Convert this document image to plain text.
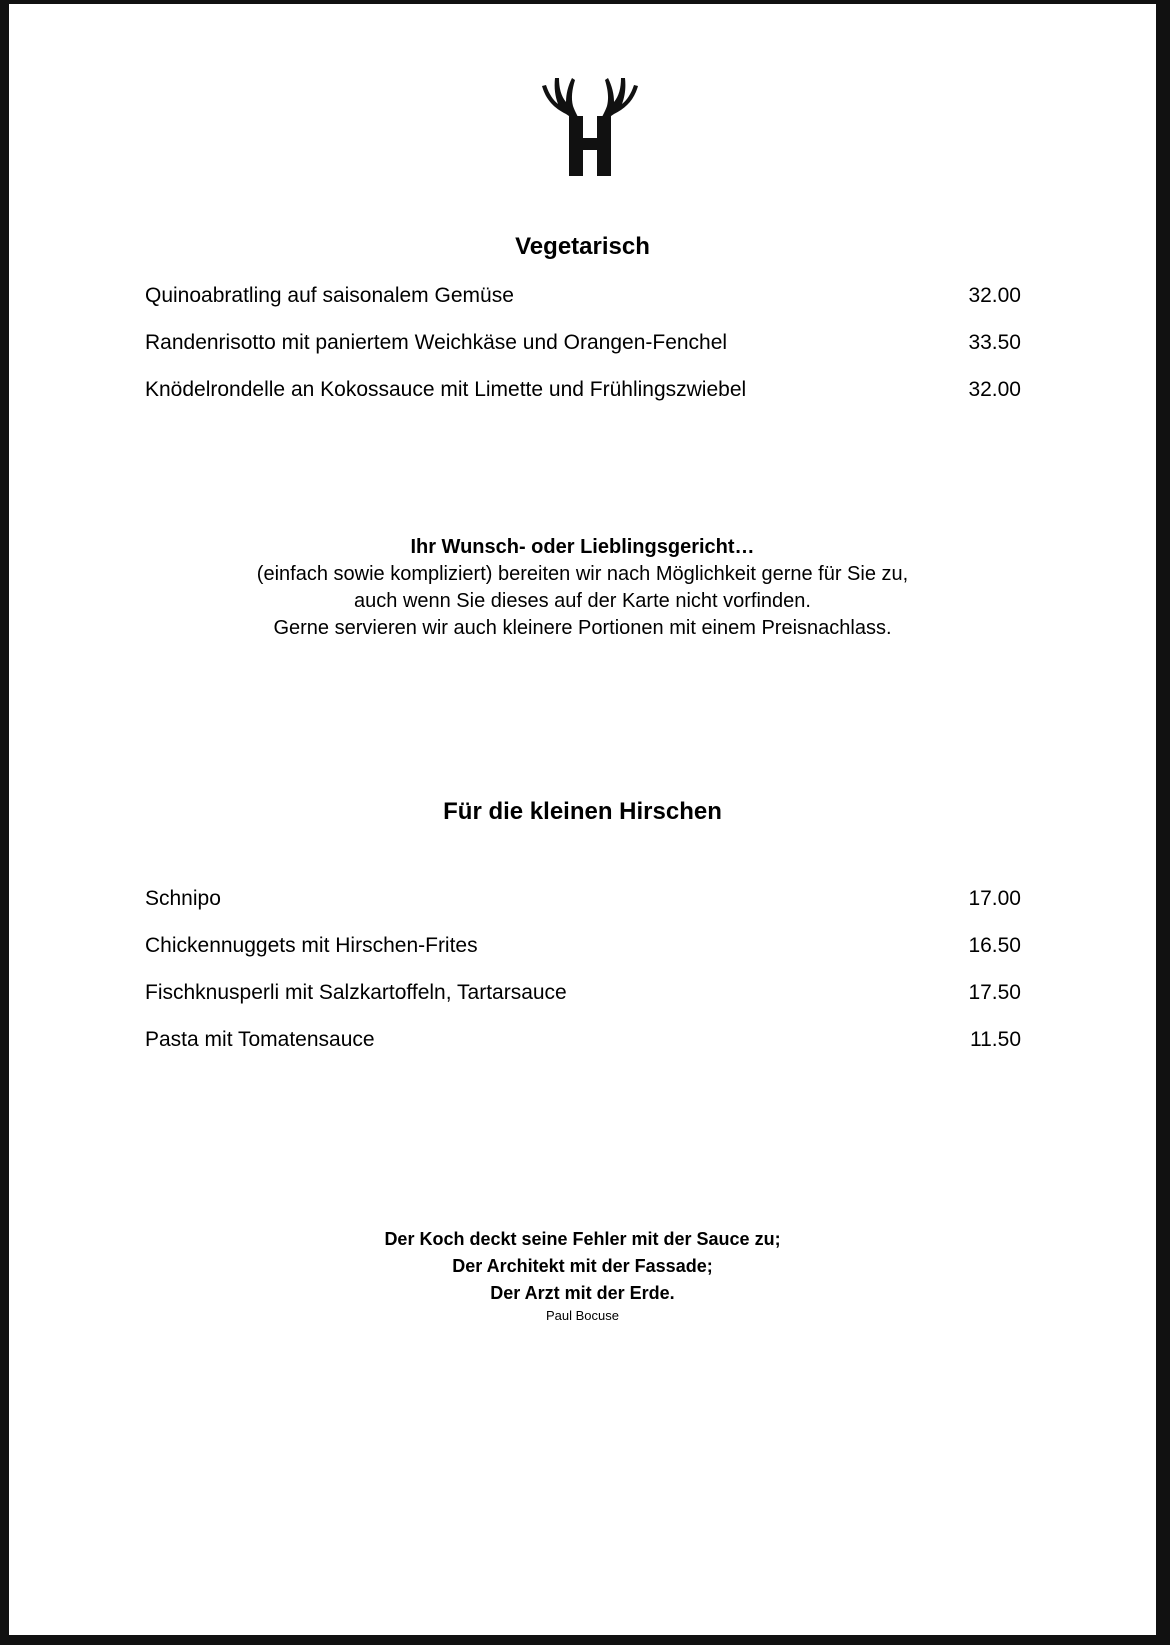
Vegetarisch
Quinoabratling auf saisonalem Gemüse	32.00
Randenrisotto mit paniertem Weichkäse und Orangen-Fenchel	33.50
Knödelrondelle an Kokossauce mit Limette und Frühlingszwiebel	32.00
Ihr Wunsch- oder Lieblingsgericht…
(einfach sowie kompliziert) bereiten wir nach Möglichkeit gerne für Sie zu,
auch wenn Sie dieses auf der Karte nicht vorfinden.
Gerne servieren wir auch kleinere Portionen mit einem Preisnachlass.
Für die kleinen Hirschen
Schnipo	17.00
Chickennuggets mit Hirschen-Frites	16.50
Fischknusperli mit Salzkartoffeln, Tartarsauce	17.50
Pasta mit Tomatensauce	11.50
Der Koch deckt seine Fehler mit der Sauce zu;
Der Architekt mit der Fassade;
Der Arzt mit der Erde.
Paul Bocuse
